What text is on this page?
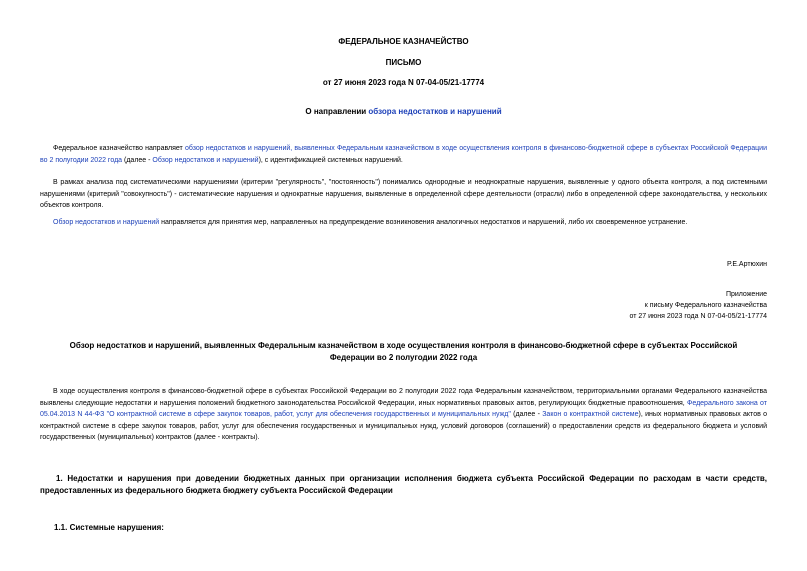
ФЕДЕРАЛЬНОЕ КАЗНАЧЕЙСТВО
ПИСЬМО
от 27 июня 2023 года N 07-04-05/21-17774
О направлении обзора недостатков и нарушений
Федеральное казначейство направляет обзор недостатков и нарушений, выявленных Федеральным казначейством в ходе осуществления контроля в финансово-бюджетной сфере в субъектах Российской Федерации во 2 полугодии 2022 года (далее - Обзор недостатков и нарушений), с идентификацией системных нарушений.
В рамках анализа под систематическими нарушениями (критерии "регулярность", "постоянность") понимались однородные и неоднократные нарушения, выявленные у одного объекта контроля, а под системными нарушениями (критерий "совокупность") - систематические нарушения и однократные нарушения, выявленные в определенной сфере деятельности (отрасли) либо в определенной сфере законодательства, у нескольких объектов контроля.
Обзор недостатков и нарушений направляется для принятия мер, направленных на предупреждение возникновения аналогичных недостатков и нарушений, либо их своевременное устранение.
Р.Е.Артюхин
Приложение
к письму Федерального казначейства
от 27 июня 2023 года N 07-04-05/21-17774
Обзор недостатков и нарушений, выявленных Федеральным казначейством в ходе осуществления контроля в финансово-бюджетной сфере в субъектах Российской Федерации во 2 полугодии 2022 года
В ходе осуществления контроля в финансово-бюджетной сфере в субъектах Российской Федерации во 2 полугодии 2022 года Федеральным казначейством, территориальными органами Федерального казначейства выявлены следующие недостатки и нарушения положений бюджетного законодательства Российской Федерации, иных нормативных правовых актов, регулирующих бюджетные правоотношения, Федерального закона от 05.04.2013 N 44-ФЗ "О контрактной системе в сфере закупок товаров, работ, услуг для обеспечения государственных и муниципальных нужд" (далее - Закон о контрактной системе), иных нормативных правовых актов о контрактной системе в сфере закупок товаров, работ, услуг для обеспечения государственных и муниципальных нужд, условий договоров (соглашений) о предоставлении средств из федерального бюджета и условий государственных (муниципальных) контрактов (далее - контракты).
1. Недостатки и нарушения при доведении бюджетных данных при организации исполнения бюджета субъекта Российской Федерации по расходам в части средств, предоставленных из федерального бюджета бюджету субъекта Российской Федерации
1.1. Системные нарушения:
